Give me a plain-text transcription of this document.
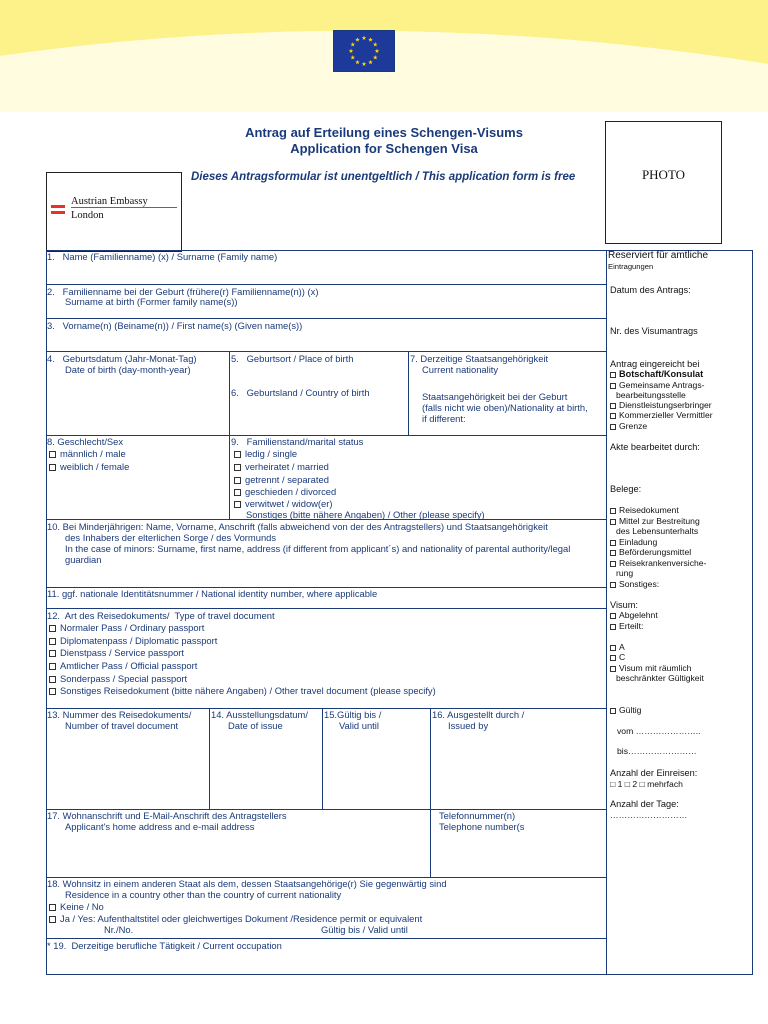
Antrag auf Erteilung eines Schengen-Visums
Application for Schengen Visa
Dieses Antragsformular ist unentgeltlich / This application form is free	PHOTO
Austrian Embassy
London
1.   Name (Familienname) (x) / Surname (Family name)
2.   Familienname bei der Geburt (frühere(r) Familienname(n)) (x)
Surname at birth (Former family name(s))
3.   Vorname(n) (Beiname(n)) / First name(s) (Given name(s))
4.   Geburtsdatum (Jahr-Monat-Tag)
Date of birth (day-month-year)
5.   Geburtsort / Place of birth
6.   Geburtsland / Country of birth
7. Derzeitige Staatsangehörigkeit
Current nationality
Staatsangehörigkeit bei der Geburt
(falls nicht wie oben)/Nationality at birth,
if different:
8. Geschlecht/Sex
männlich / male
weiblich / female
9.   Familienstand/marital status
ledig / single
verheiratet / married
getrennt / separated
geschieden / divorced
verwitwet / widow(er)
Sonstiges (bitte nähere Angaben) / Other (please specify)
10. Bei Minderjährigen: Name, Vorname, Anschrift (falls abweichend von der des Antragstellers) und Staatsangehörigkeit
des Inhabers der elterlichen Sorge / des Vormunds
In the case of minors: Surname, first name, address (if different from applicant´s) and nationality of parental authority/legal
guardian
11. ggf. nationale Identitätsnummer / National identity number, where applicable
12.  Art des Reisedokuments/  Type of travel document
Normaler Pass / Ordinary passport
Diplomatenpass / Diplomatic passport
Dienstpass / Service passport
Amtlicher Pass / Official passport
Sonderpass / Special passport
Sonstiges Reisedokument (bitte nähere Angaben) / Other travel document (please specify)
13. Nummer des Reisedokuments/
Number of travel document
14. Ausstellungsdatum/
Date of issue
15.Gültig bis /
Valid until
16. Ausgestellt durch /
Issued by
17. Wohnanschrift und E-Mail-Anschrift des Antragstellers
Applicant's home address and e-mail address
Telefonnummer(n)
Telephone number(s
18. Wohnsitz in einem anderen Staat als dem, dessen Staatsangehörige(r) Sie gegenwärtig sind
Residence in a country other than the country of current nationality
Keine / No
Ja / Yes: Aufenthaltstitel oder gleichwertiges Dokument /Residence permit or equivalent
Nr./No.	Gültig bis / Valid until
* 19.  Derzeitige berufliche Tätigkeit / Current occupation
Reserviert für amtliche
Eintragungen
Datum des Antrags:
Nr. des Visumantrags
Antrag eingereicht bei
Botschaft/Konsulat
Gemeinsame Antrags-
bearbeitungsstelle
Dienstleistungserbringer
Kommerzieller Vermittler
Grenze
Akte bearbeitet durch:
Belege:
Reisedokument
Mittel zur Bestreitung
des Lebensunterhalts
Einladung
Beförderungsmittel
Reisekrankenversiche-
rung
Sonstiges:
Visum:
Abgelehnt
Erteilt:
A
C
Visum mit räumlich
beschränkter Gültigkeit
Gültig
vom …………………..
bis……………………
Anzahl der Einreisen:
□ 1 □ 2 □ mehrfach
Anzahl der Tage:
………………………
